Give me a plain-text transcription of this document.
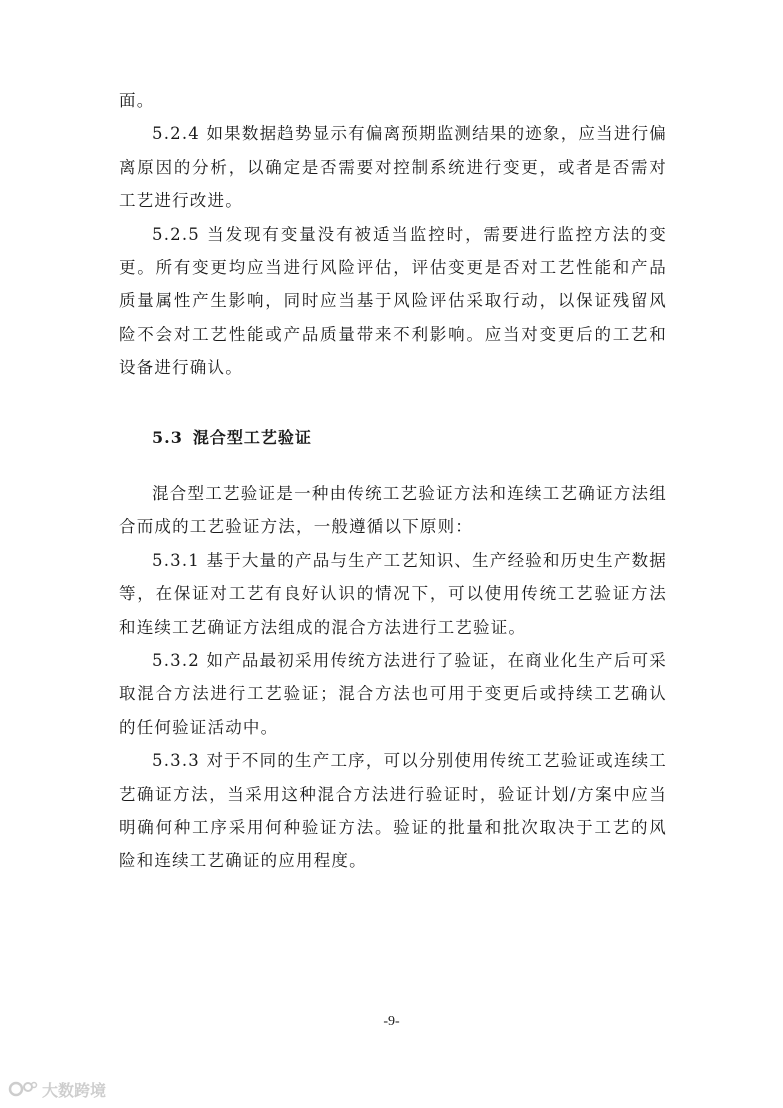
面。

5.2.4 如果数据趋势显示有偏离预期监测结果的迹象，应当进行偏离原因的分析，以确定是否需要对控制系统进行变更，或者是否需对工艺进行改进。

5.2.5 当发现有变量没有被适当监控时，需要进行监控方法的变更。所有变更均应当进行风险评估，评估变更是否对工艺性能和产品质量属性产生影响，同时应当基于风险评估采取行动，以保证残留风险不会对工艺性能或产品质量带来不利影响。应当对变更后的工艺和设备进行确认。

5.3 混合型工艺验证

混合型工艺验证是一种由传统工艺验证方法和连续工艺确证方法组合而成的工艺验证方法，一般遵循以下原则：

5.3.1 基于大量的产品与生产工艺知识、生产经验和历史生产数据等，在保证对工艺有良好认识的情况下，可以使用传统工艺验证方法和连续工艺确证方法组成的混合方法进行工艺验证。

5.3.2 如产品最初采用传统方法进行了验证，在商业化生产后可采取混合方法进行工艺验证；混合方法也可用于变更后或持续工艺确认的任何验证活动中。

5.3.3 对于不同的生产工序，可以分别使用传统工艺验证或连续工艺确证方法，当采用这种混合方法进行验证时，验证计划/方案中应当明确何种工序采用何种验证方法。验证的批量和批次取决于工艺的风险和连续工艺确证的应用程度。

-9-
大数跨境
